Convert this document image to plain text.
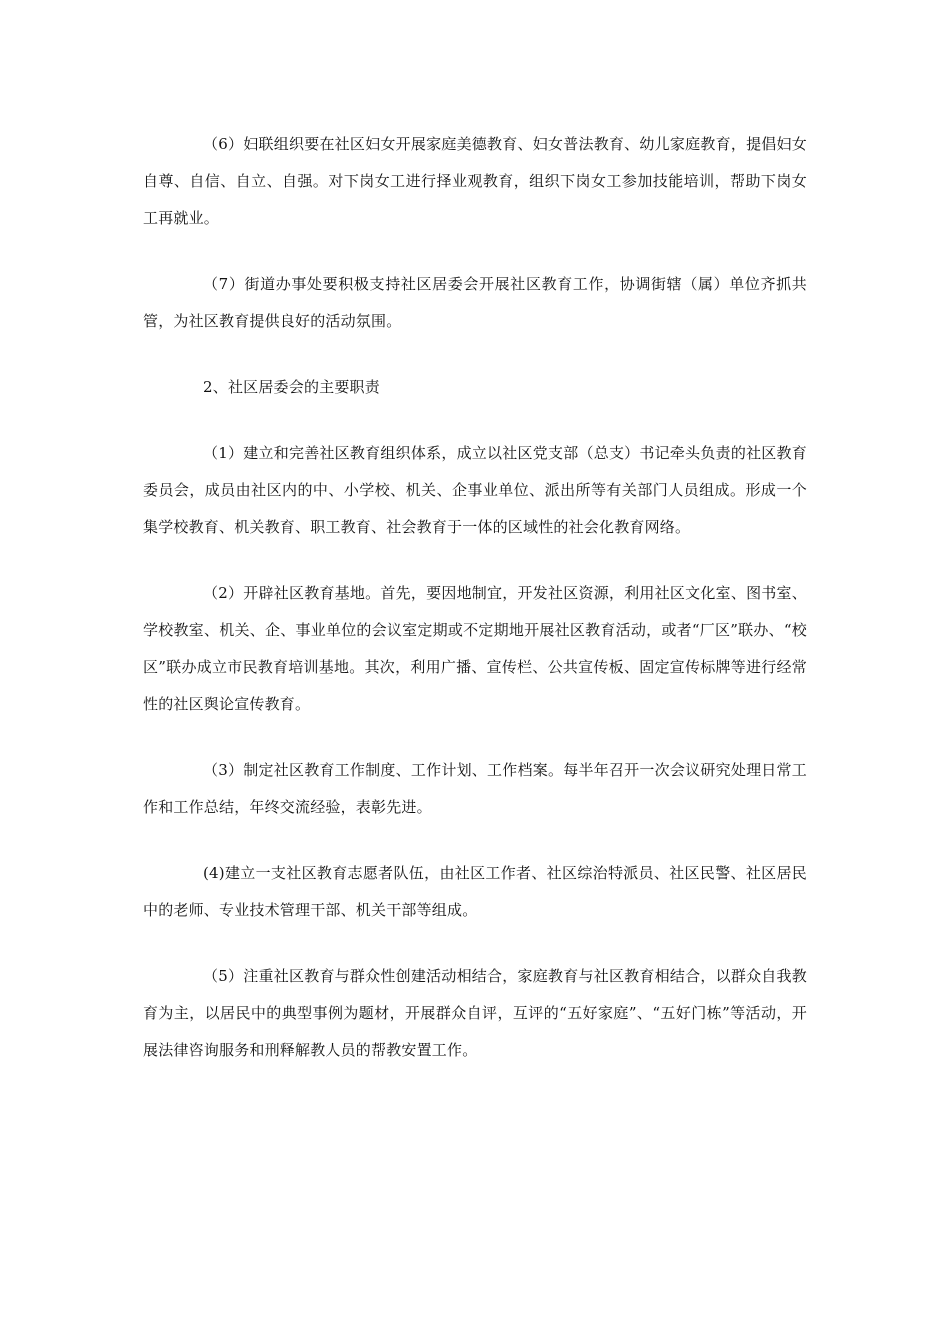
（6）妇联组织要在社区妇女开展家庭美德教育、妇女普法教育、幼儿家庭教育，提倡妇女自尊、自信、自立、自强。对下岗女工进行择业观教育，组织下岗女工参加技能培训，帮助下岗女工再就业。

（7）街道办事处要积极支持社区居委会开展社区教育工作，协调街辖（属）单位齐抓共管，为社区教育提供良好的活动氛围。

2、社区居委会的主要职责

（1）建立和完善社区教育组织体系，成立以社区党支部（总支）书记牵头负责的社区教育委员会，成员由社区内的中、小学校、机关、企事业单位、派出所等有关部门人员组成。形成一个集学校教育、机关教育、职工教育、社会教育于一体的区域性的社会化教育网络。

（2）开辟社区教育基地。首先，要因地制宜，开发社区资源，利用社区文化室、图书室、学校教室、机关、企、事业单位的会议室定期或不定期地开展社区教育活动，或者“厂区”联办、“校区”联办成立市民教育培训基地。其次，利用广播、宣传栏、公共宣传板、固定宣传标牌等进行经常性的社区舆论宣传教育。

（3）制定社区教育工作制度、工作计划、工作档案。每半年召开一次会议研究处理日常工作和工作总结，年终交流经验，表彰先进。

(4)建立一支社区教育志愿者队伍，由社区工作者、社区综治特派员、社区民警、社区居民中的老师、专业技术管理干部、机关干部等组成。

（5）注重社区教育与群众性创建活动相结合，家庭教育与社区教育相结合，以群众自我教育为主，以居民中的典型事例为题材，开展群众自评，互评的“五好家庭”、“五好门栋”等活动，开展法律咨询服务和刑释解教人员的帮教安置工作。
